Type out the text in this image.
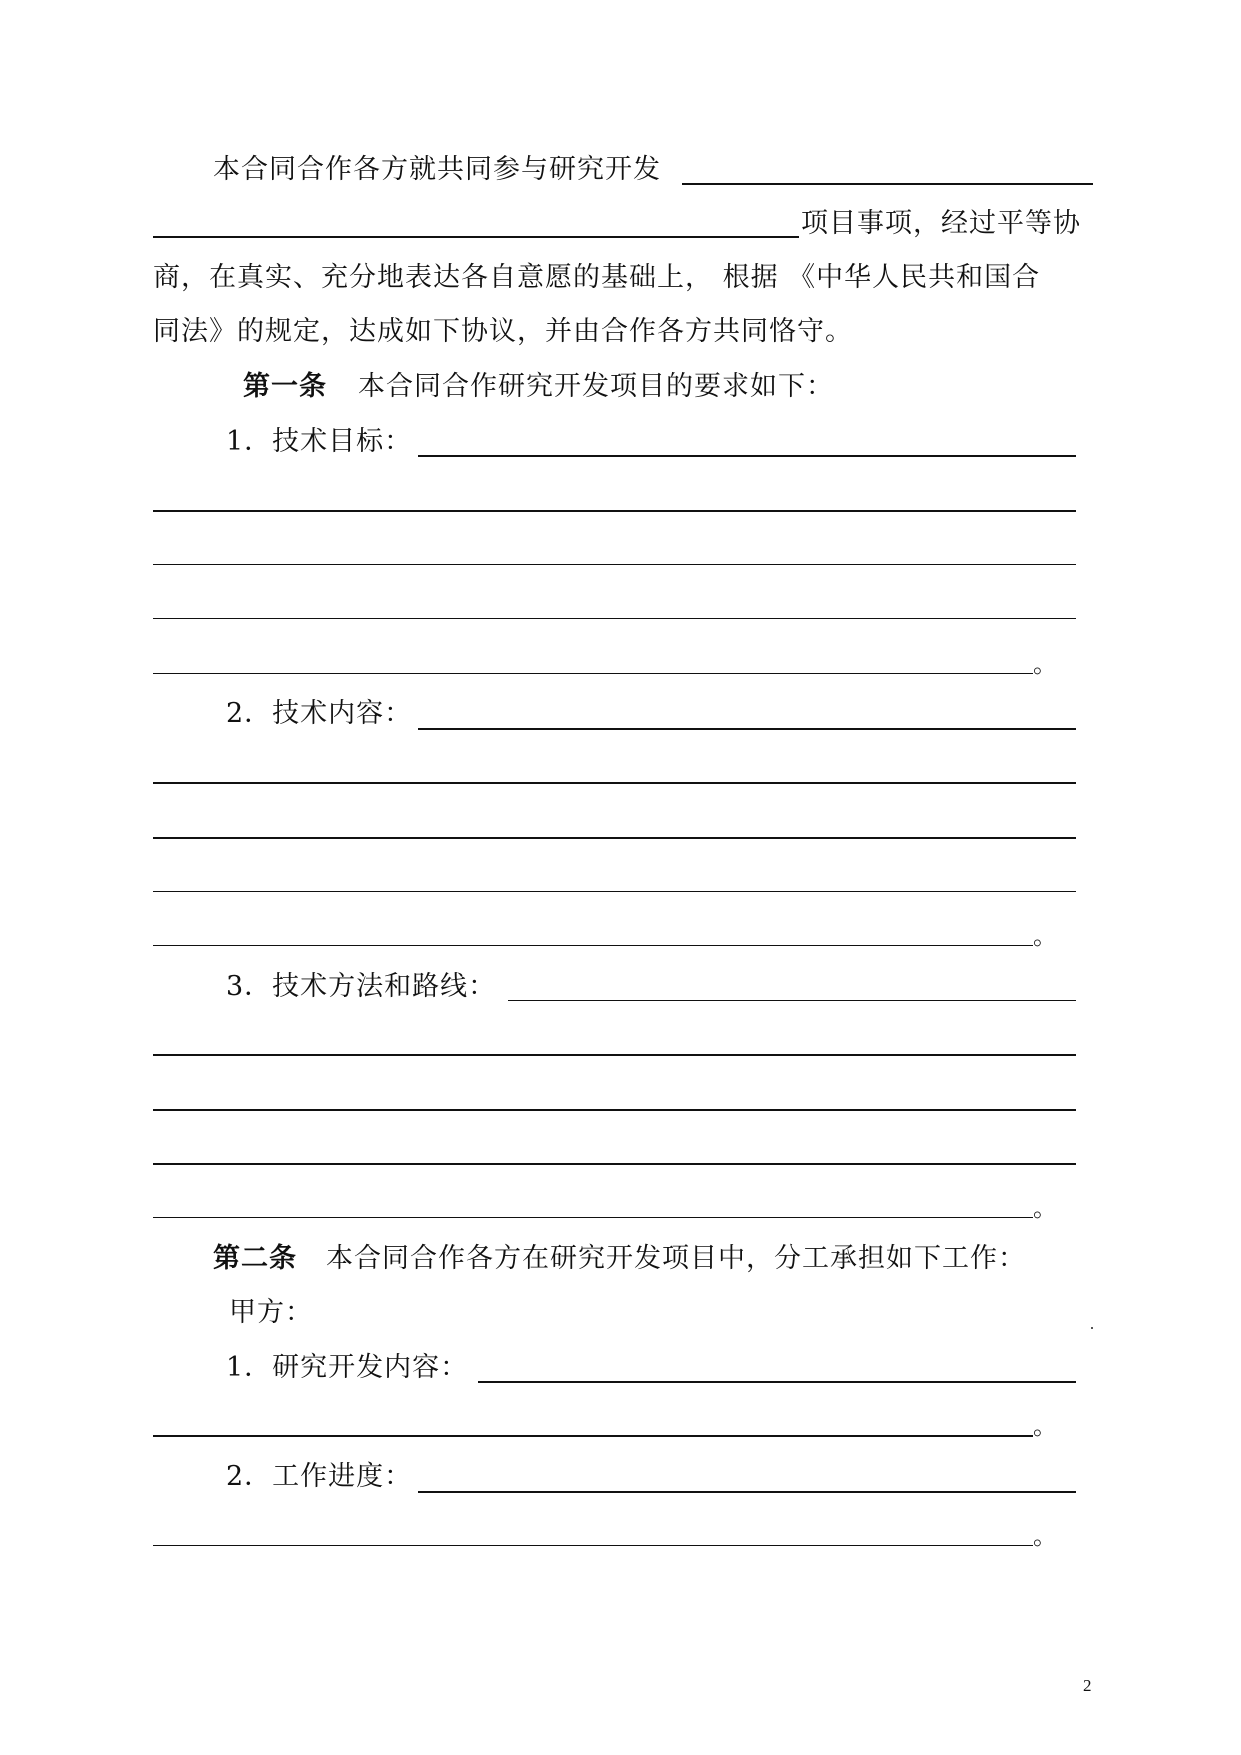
本合同合作各方就共同参与研究开发
项目事项，经过平等协
商，在真实、充分地表达各自意愿的基础上， 根据 《中华人民共和国合
同法》的规定，达成如下协议，并由合作各方共同恪守。
第一条 本合同合作研究开发项目的要求如下：
1．技术目标：
。
2．技术内容：
。
3．技术方法和路线：
。
第二条 本合同合作各方在研究开发项目中，分工承担如下工作：
甲方：
1．研究开发内容：
。
2．工作进度：
。
2
